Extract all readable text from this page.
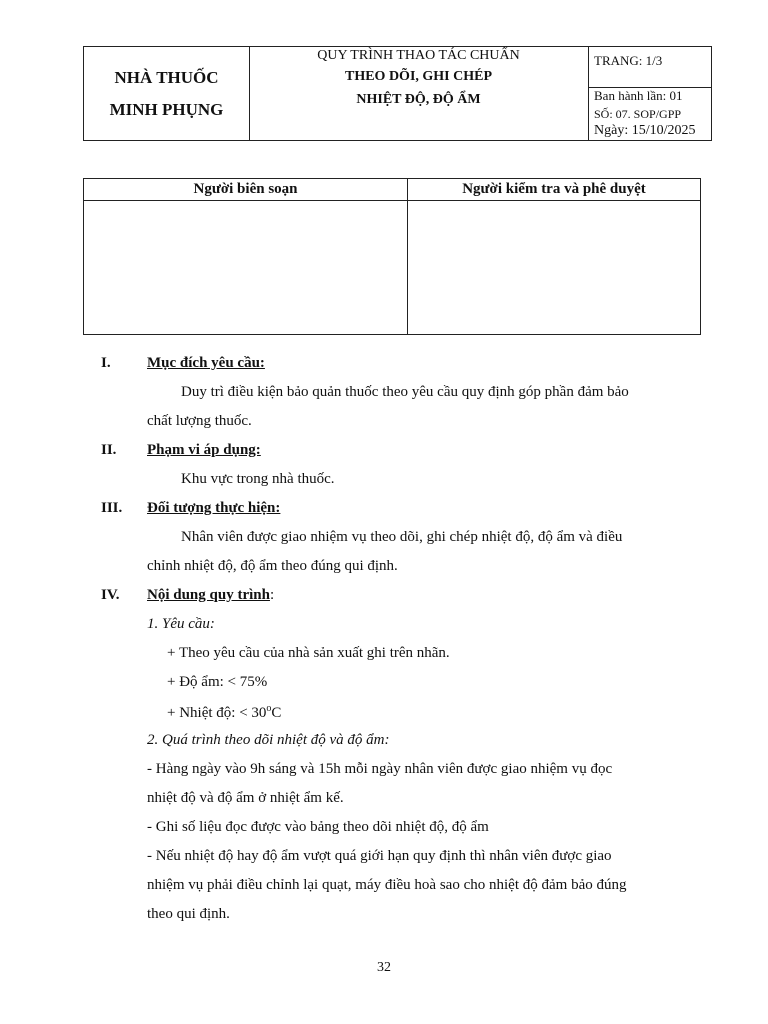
NHÀ THUỐC
MINH PHỤNG
QUY TRÌNH THAO TÁC CHUẨN
THEO DÕI, GHI CHÉP
NHIỆT ĐỘ, ĐỘ ẨM
TRANG: 1/3
Ban hành lần: 01
SỐ: 07. SOP/GPP
Ngày: 15/10/2025
Người biên soạn	Người kiểm tra và phê duyệt
I. Mục đích yêu cầu:
Duy trì điều kiện bảo quản thuốc theo yêu cầu quy định góp phần đảm bảo
chất lượng thuốc.
II. Phạm vi áp dụng:
Khu vực trong nhà thuốc.
III. Đối tượng thực hiện:
Nhân viên được giao nhiệm vụ theo dõi, ghi chép nhiệt độ, độ ẩm và điều
chỉnh nhiệt độ, độ ẩm theo đúng qui định.
IV. Nội dung quy trình:
1. Yêu cầu:
+ Theo yêu cầu của nhà sản xuất ghi trên nhãn.
+ Độ ẩm: < 75%
+ Nhiệt độ: < $30^oC$
2. Quá trình theo dõi nhiệt độ và độ ẩm:
- Hàng ngày vào 9h sáng và 15h mỗi ngày nhân viên được giao nhiệm vụ đọc
nhiệt độ và độ ẩm ở nhiệt ẩm kế.
- Ghi số liệu đọc được vào bảng theo dõi nhiệt độ, độ ẩm
- Nếu nhiệt độ hay độ ẩm vượt quá giới hạn quy định thì nhân viên được giao
nhiệm vụ phải điều chỉnh lại quạt, máy điều hoà sao cho nhiệt độ đảm bảo đúng
theo qui định.
32
